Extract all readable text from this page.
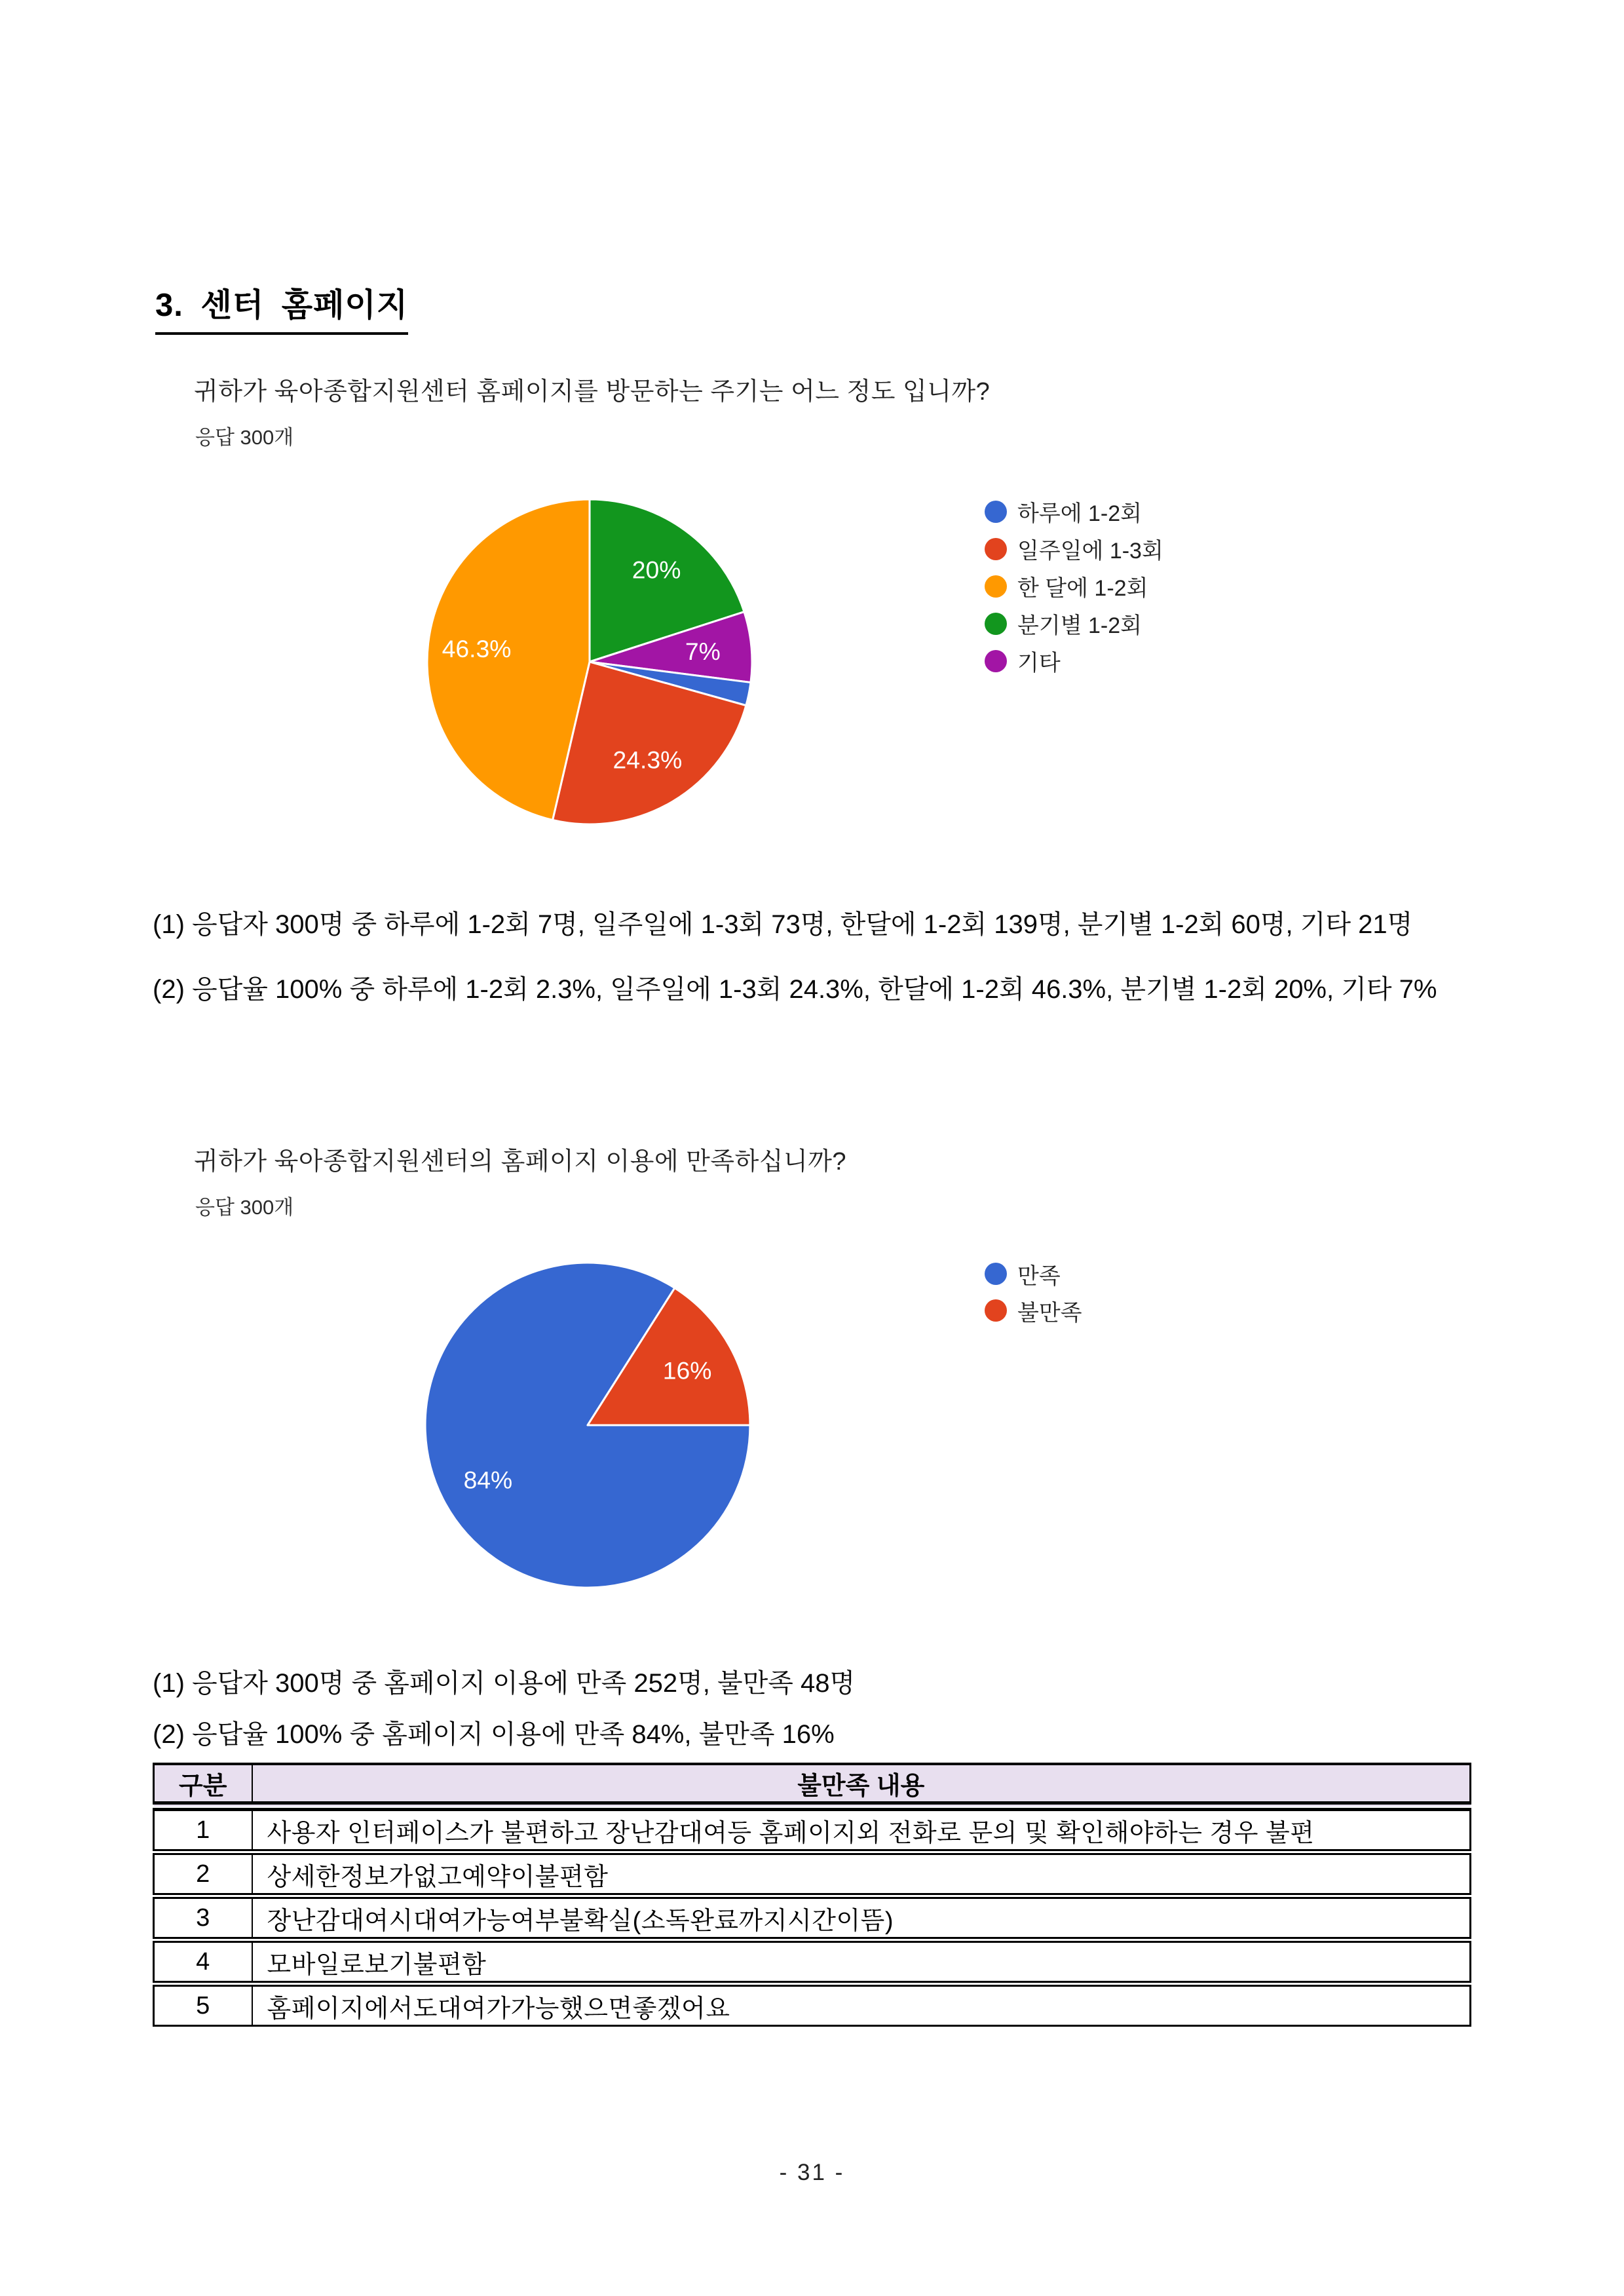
3. 센터 홈페이지
귀하가 육아종합지원센터 홈페이지를 방문하는 주기는 어느 정도 입니까?
응답 300개
20%
7%
24.3%
46.3%
하루에 1-2회
일주일에 1-3회
한 달에 1-2회
분기별 1-2회
기타

(1) 응답자 300명 중 하루에 1-2회 7명, 일주일에 1-3회 73명, 한달에 1-2회 139명, 분기별 1-2회 60명, 기타 21명

(2) 응답율 100% 중 하루에 1-2회 2.3%, 일주일에 1-3회 24.3%, 한달에 1-2회 46.3%, 분기별 1-2회 20%, 기타 7%

귀하가 육아종합지원센터의 홈페이지 이용에 만족하십니까?
응답 300개
84%
16%
만족
불만족

(1) 응답자 300명 중 홈페이지 이용에 만족 252명, 불만족 48명

(2) 응답율 100% 중 홈페이지 이용에 만족 84%, 불만족 16%

구분	불만족 내용
1	사용자 인터페이스가 불편하고 장난감대여등 홈페이지외 전화로 문의 및 확인해야하는 경우 불편
2	상세한정보가없고예약이불편함
3	장난감대여시대여가능여부불확실(소독완료까지시간이뜸)
4	모바일로보기불편함
5	홈페이지에서도대여가가능했으면좋겠어요
- 31 -
